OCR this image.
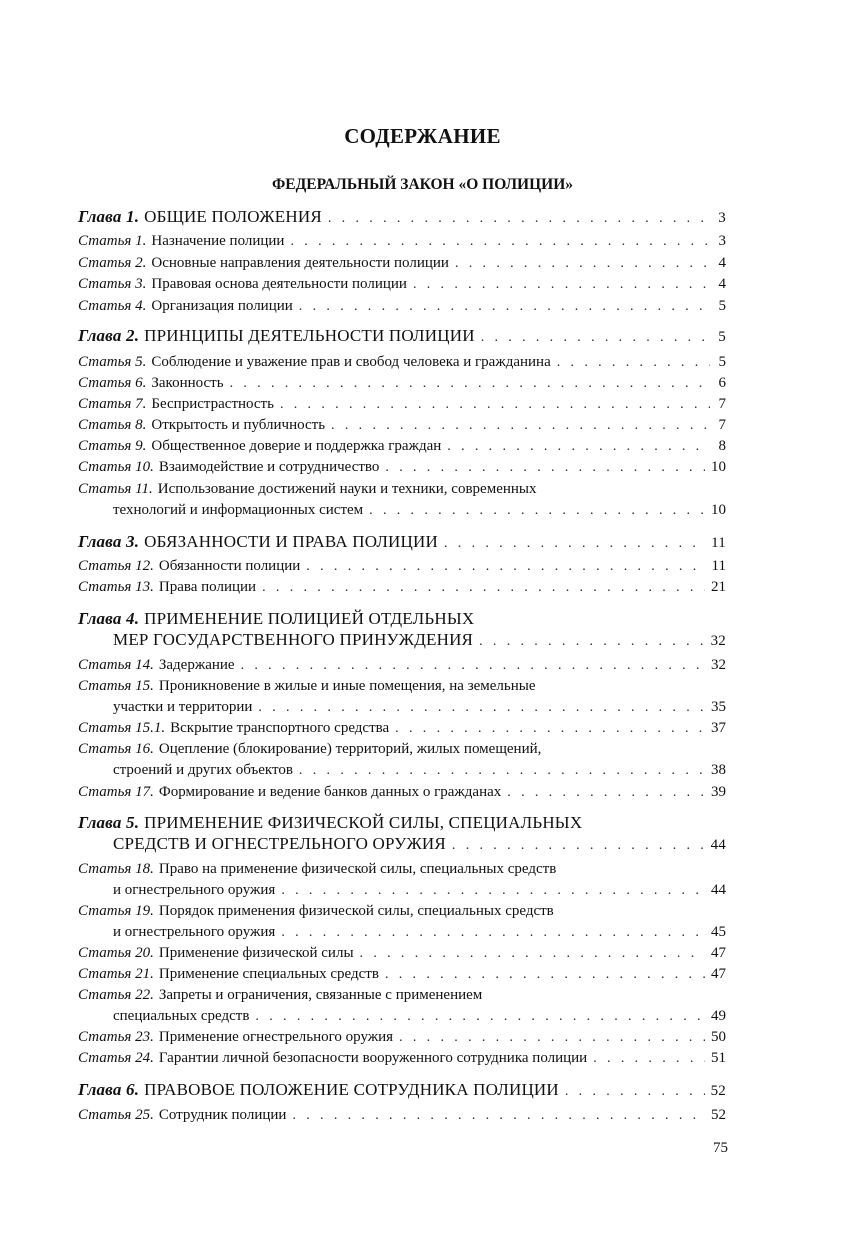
СОДЕРЖАНИЕ
ФЕДЕРАЛЬНЫЙ ЗАКОН «О ПОЛИЦИИ»
Глава 1. ОБЩИЕ ПОЛОЖЕНИЯ . . .	3
Статья 1. Назначение полиции . . .	3
Статья 2. Основные направления деятельности полиции . . .	4
Статья 3. Правовая основа деятельности полиции . . .	4
Статья 4. Организация полиции . . .	5
Глава 2. ПРИНЦИПЫ ДЕЯТЕЛЬНОСТИ ПОЛИЦИИ . . .	5
Статья 5. Соблюдение и уважение прав и свобод человека и гражданина . . .	5
Статья 6. Законность . . .	6
Статья 7. Беспристрастность . . .	7
Статья 8. Открытость и публичность . . .	7
Статья 9. Общественное доверие и поддержка граждан . . .	8
Статья 10. Взаимодействие и сотрудничество . . .	10
Статья 11. Использование достижений науки и техники, современных
технологий и информационных систем . . .	10
Глава 3. ОБЯЗАННОСТИ И ПРАВА ПОЛИЦИИ . . .	11
Статья 12. Обязанности полиции . . .	11
Статья 13. Права полиции . . .	21
Глава 4. ПРИМЕНЕНИЕ ПОЛИЦИЕЙ ОТДЕЛЬНЫХ
МЕР ГОСУДАРСТВЕННОГО ПРИНУЖДЕНИЯ . . .	32
Статья 14. Задержание . . .	32
Статья 15. Проникновение в жилые и иные помещения, на земельные
участки и территории . . .	35
Статья 15.1. Вскрытие транспортного средства . . .	37
Статья 16. Оцепление (блокирование) территорий, жилых помещений,
строений и других объектов . . .	38
Статья 17. Формирование и ведение банков данных о гражданах . . .	39
Глава 5. ПРИМЕНЕНИЕ ФИЗИЧЕСКОЙ СИЛЫ, СПЕЦИАЛЬНЫХ
СРЕДСТВ И ОГНЕСТРЕЛЬНОГО ОРУЖИЯ . . .	44
Статья 18. Право на применение физической силы, специальных средств
и огнестрельного оружия . . .	44
Статья 19. Порядок применения физической силы, специальных средств
и огнестрельного оружия . . .	45
Статья 20. Применение физической силы . . .	47
Статья 21. Применение специальных средств . . .	47
Статья 22. Запреты и ограничения, связанные с применением
специальных средств . . .	49
Статья 23. Применение огнестрельного оружия . . .	50
Статья 24. Гарантии личной безопасности вооруженного сотрудника полиции . . .	51
Глава 6. ПРАВОВОЕ ПОЛОЖЕНИЕ СОТРУДНИКА ПОЛИЦИИ . . .	52
Статья 25. Сотрудник полиции . . .	52
75
